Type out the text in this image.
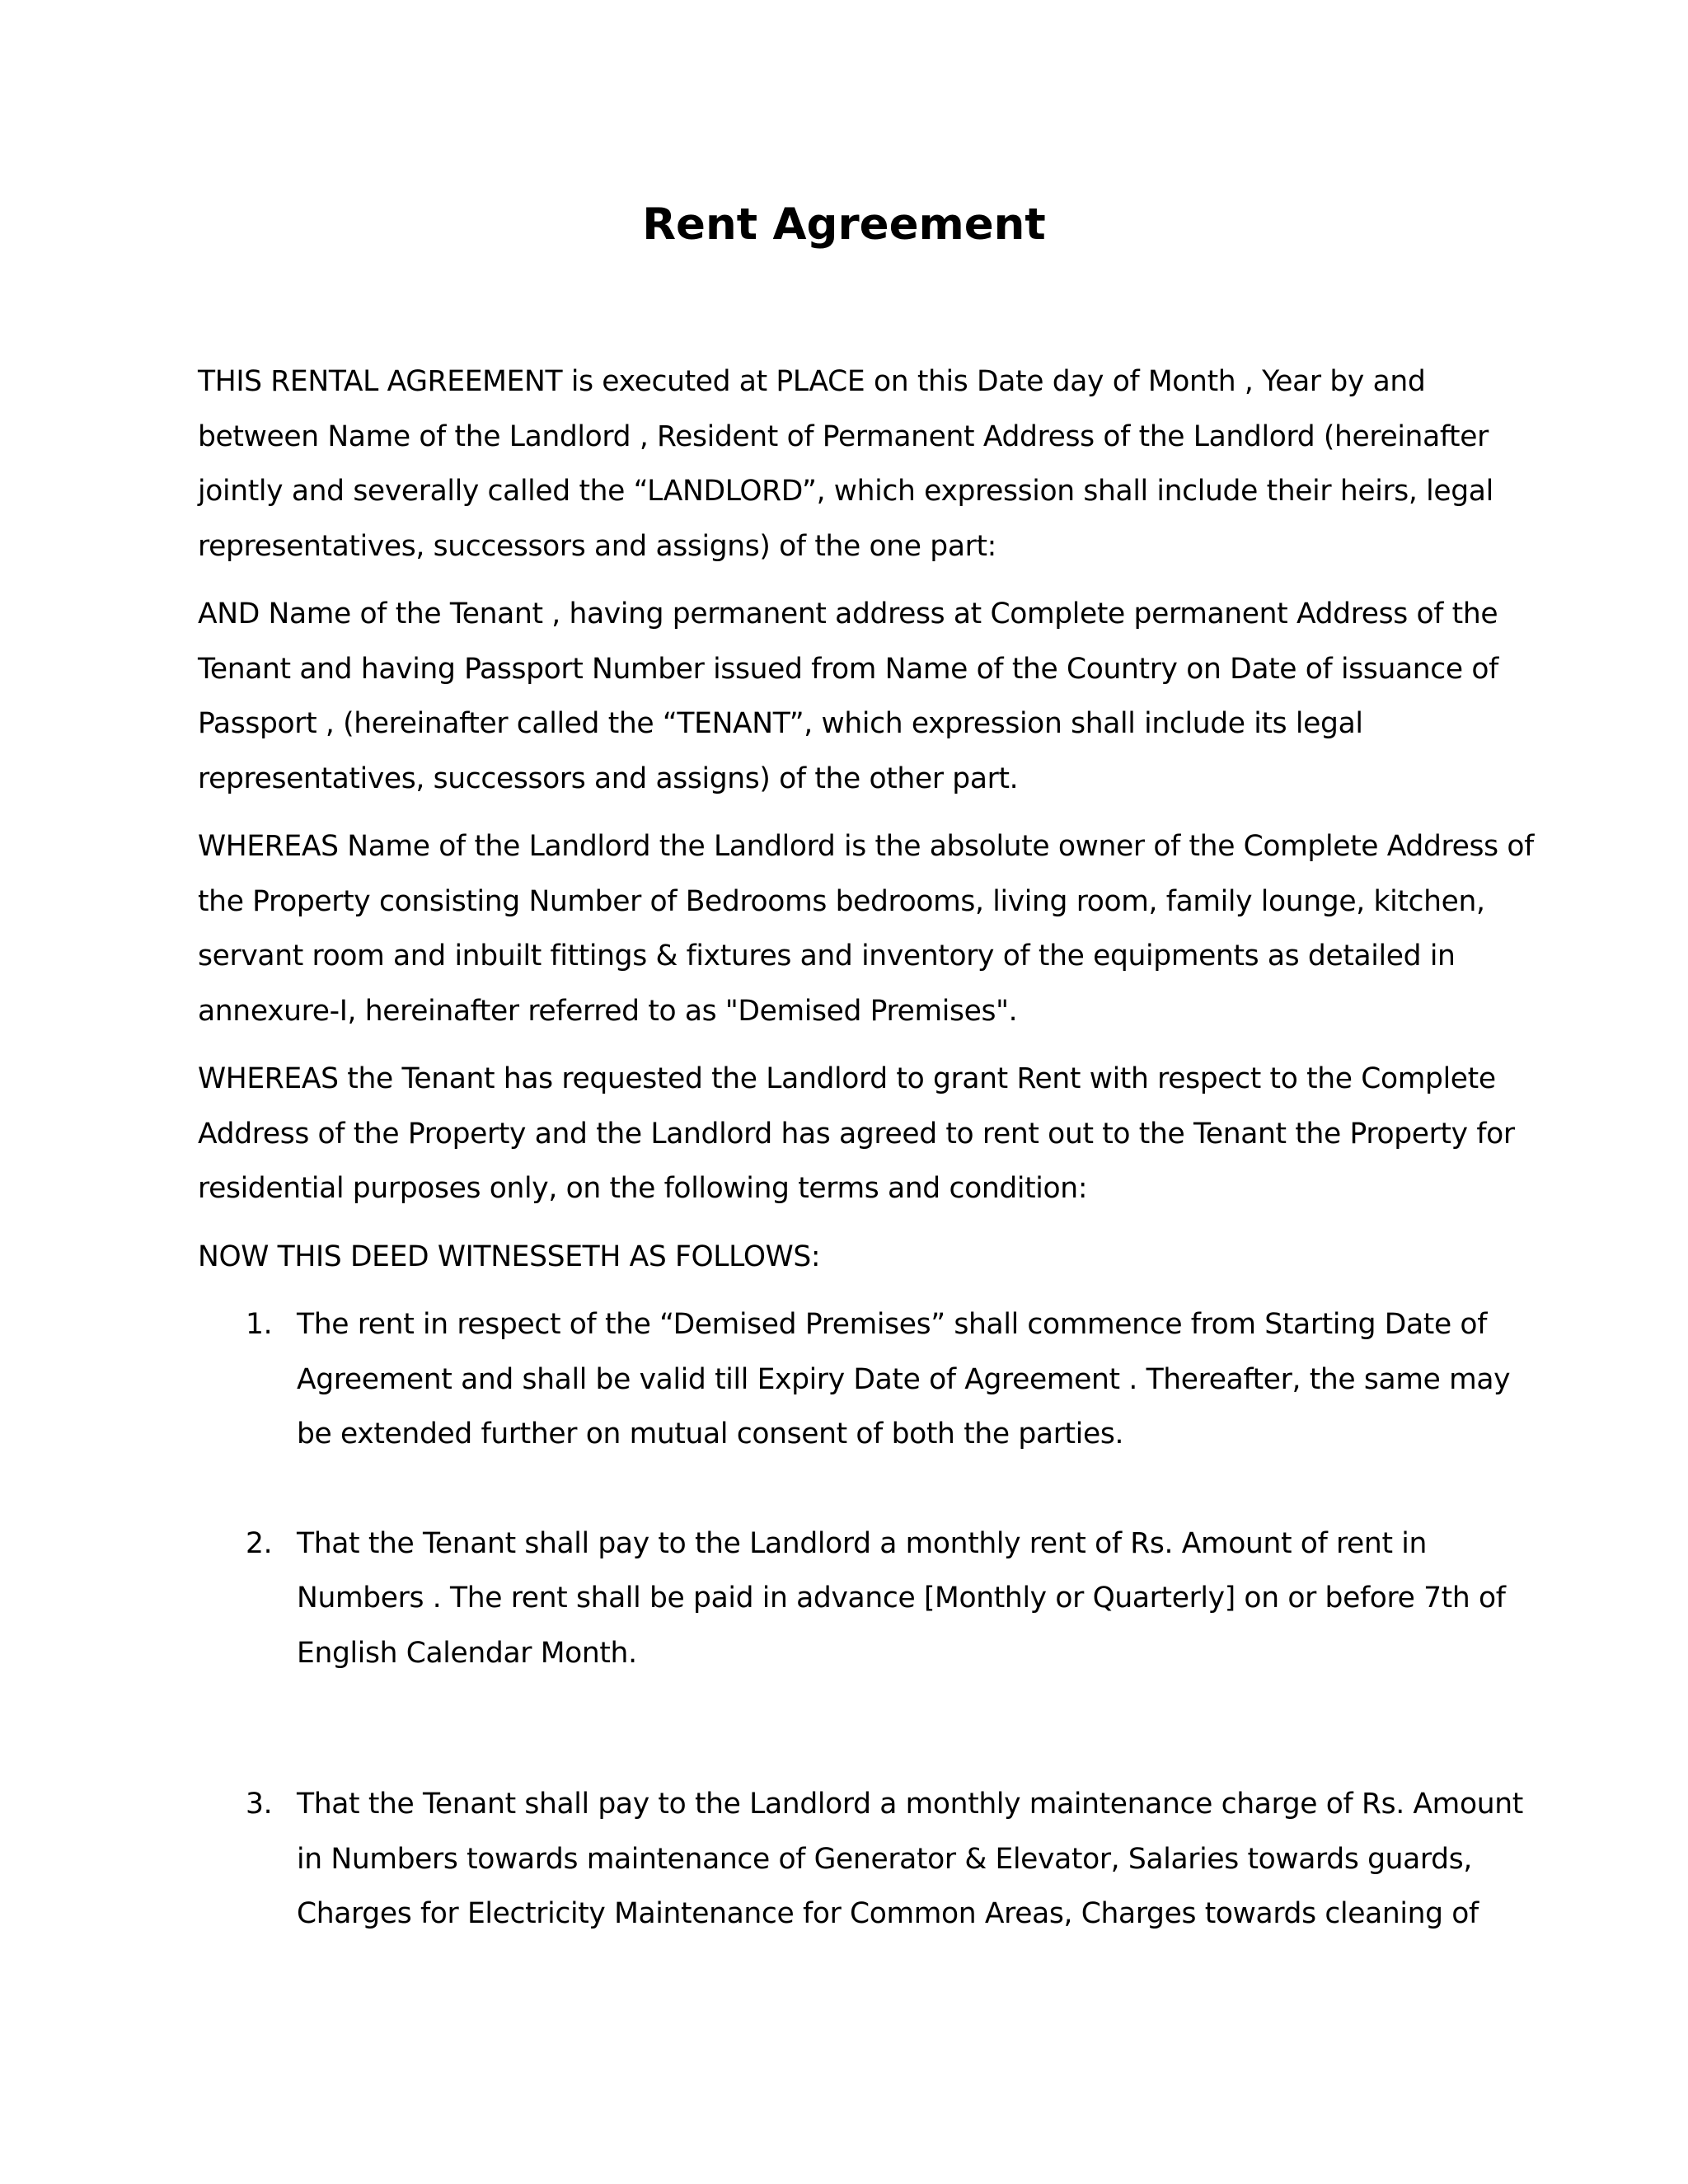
Rent Agreement

THIS RENTAL AGREEMENT is executed at PLACE on this Date day of Month , Year by and
between Name of the Landlord , Resident of Permanent Address of the Landlord (hereinafter
jointly and severally called the “LANDLORD”, which expression shall include their heirs, legal
representatives, successors and assigns) of the one part:

AND Name of the Tenant , having permanent address at Complete permanent Address of the
Tenant and having Passport Number issued from Name of the Country on Date of issuance of
Passport , (hereinafter called the “TENANT”, which expression shall include its legal
representatives, successors and assigns) of the other part.

WHEREAS Name of the Landlord the Landlord is the absolute owner of the Complete Address of
the Property consisting Number of Bedrooms bedrooms, living room, family lounge, kitchen,
servant room and inbuilt fittings & fixtures and inventory of the equipments as detailed in
annexure-I, hereinafter referred to as "Demised Premises".

WHEREAS the Tenant has requested the Landlord to grant Rent with respect to the Complete
Address of the Property and the Landlord has agreed to rent out to the Tenant the Property for
residential purposes only, on the following terms and condition:

NOW THIS DEED WITNESSETH AS FOLLOWS:

1. The rent in respect of the “Demised Premises” shall commence from Starting Date of
Agreement and shall be valid till Expiry Date of Agreement . Thereafter, the same may
be extended further on mutual consent of both the parties.
2. That the Tenant shall pay to the Landlord a monthly rent of Rs. Amount of rent in
Numbers . The rent shall be paid in advance [Monthly or Quarterly] on or before 7th of
English Calendar Month.
3. That the Tenant shall pay to the Landlord a monthly maintenance charge of Rs. Amount
in Numbers towards maintenance of Generator & Elevator, Salaries towards guards,
Charges for Electricity Maintenance for Common Areas, Charges towards cleaning of
